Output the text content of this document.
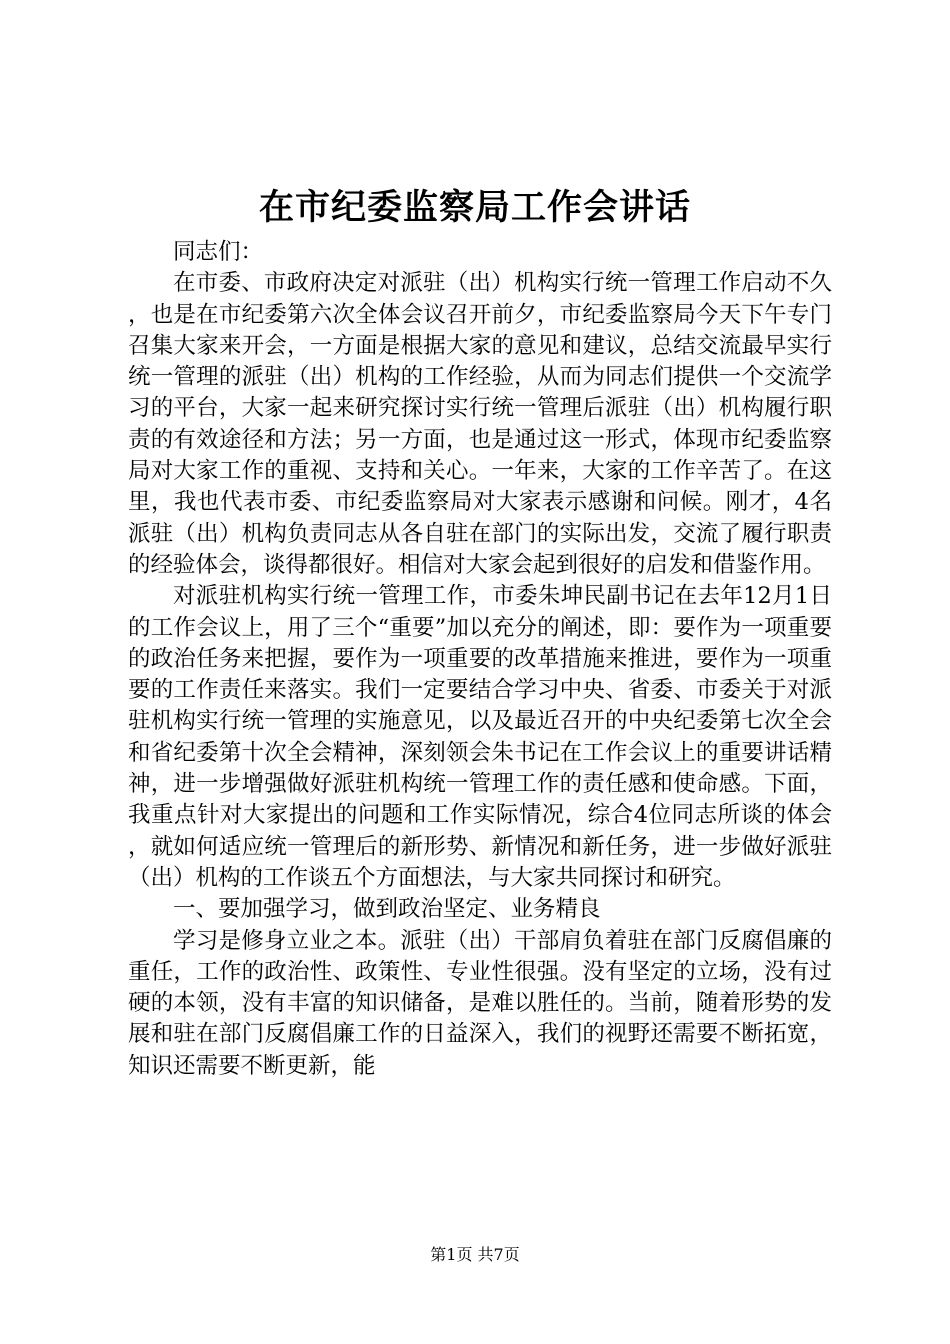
在市纪委监察局工作会讲话

同志们：

在市委、市政府决定对派驻（出）机构实行统一管理工作启动不久，也是在市纪委第六次全体会议召开前夕，市纪委监察局今天下午专门召集大家来开会，一方面是根据大家的意见和建议，总结交流最早实行统一管理的派驻（出）机构的工作经验，从而为同志们提供一个交流学习的平台，大家一起来研究探讨实行统一管理后派驻（出）机构履行职责的有效途径和方法；另一方面，也是通过这一形式，体现市纪委监察局对大家工作的重视、支持和关心。一年来，大家的工作辛苦了。在这里，我也代表市委、市纪委监察局对大家表示感谢和问候。刚才，4名派驻（出）机构负责同志从各自驻在部门的实际出发，交流了履行职责的经验体会，谈得都很好。相信对大家会起到很好的启发和借鉴作用。

对派驻机构实行统一管理工作，市委朱坤民副书记在去年12月1日的工作会议上，用了三个“重要”加以充分的阐述，即：要作为一项重要的政治任务来把握，要作为一项重要的改革措施来推进，要作为一项重要的工作责任来落实。我们一定要结合学习中央、省委、市委关于对派驻机构实行统一管理的实施意见，以及最近召开的中央纪委第七次全会和省纪委第十次全会精神，深刻领会朱书记在工作会议上的重要讲话精神，进一步增强做好派驻机构统一管理工作的责任感和使命感。下面，我重点针对大家提出的问题和工作实际情况，综合4位同志所谈的体会，就如何适应统一管理后的新形势、新情况和新任务，进一步做好派驻（出）机构的工作谈五个方面想法，与大家共同探讨和研究。

一、要加强学习，做到政治坚定、业务精良

学习是修身立业之本。派驻（出）干部肩负着驻在部门反腐倡廉的重任，工作的政治性、政策性、专业性很强。没有坚定的立场，没有过硬的本领，没有丰富的知识储备，是难以胜任的。当前，随着形势的发展和驻在部门反腐倡廉工作的日益深入，我们的视野还需要不断拓宽，知识还需要不断更新，能

第1页 共7页
